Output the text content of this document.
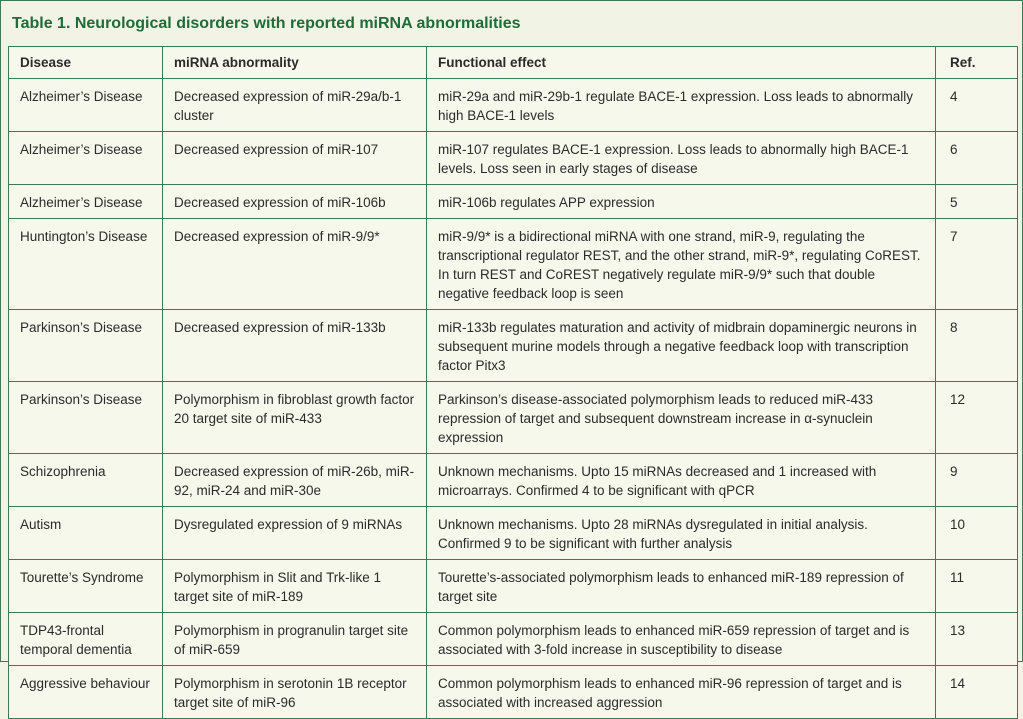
Table 1. Neurological disorders with reported miRNA abnormalities
Disease	miRNA abnormality	Functional effect	Ref.
Alzheimer’s Disease	Decreased expression of miR-29a/b-1 cluster	miR-29a and miR-29b-1 regulate BACE-1 expression. Loss leads to abnormally high BACE-1 levels	4
Alzheimer’s Disease	Decreased expression of miR-107	miR-107 regulates BACE-1 expression. Loss leads to abnormally high BACE-1 levels. Loss seen in early stages of disease	6
Alzheimer’s Disease	Decreased expression of miR-106b	miR-106b regulates APP expression	5
Huntington’s Disease	Decreased expression of miR-9/9*	miR-9/9* is a bidirectional miRNA with one strand, miR-9, regulating the transcriptional regulator REST, and the other strand, miR-9*, regulating CoREST. In turn REST and CoREST negatively regulate miR-9/9* such that double negative feedback loop is seen	7
Parkinson’s Disease	Decreased expression of miR-133b	miR-133b regulates maturation and activity of midbrain dopaminergic neurons in subsequent murine models through a negative feedback loop with transcription factor Pitx3	8
Parkinson’s Disease	Polymorphism in fibroblast growth factor 20 target site of miR-433	Parkinson’s disease-associated polymorphism leads to reduced miR-433 repression of target and subsequent downstream increase in α-synuclein expression	12
Schizophrenia	Decreased expression of miR-26b, miR-92, miR-24 and miR-30e	Unknown mechanisms. Upto 15 miRNAs decreased and 1 increased with microarrays. Confirmed 4 to be significant with qPCR	9
Autism	Dysregulated expression of 9 miRNAs	Unknown mechanisms. Upto 28 miRNAs dysregulated in initial analysis. Confirmed 9 to be significant with further analysis	10
Tourette’s Syndrome	Polymorphism in Slit and Trk-like 1 target site of miR-189	Tourette’s-associated polymorphism leads to enhanced miR-189 repression of target site	11
TDP43-frontal temporal dementia	Polymorphism in progranulin target site of miR-659	Common polymorphism leads to enhanced miR-659 repression of target and is associated with 3-fold increase in susceptibility to disease	13
Aggressive behaviour	Polymorphism in serotonin 1B receptor target site of miR-96	Common polymorphism leads to enhanced miR-96 repression of target and is associated with increased aggression	14
